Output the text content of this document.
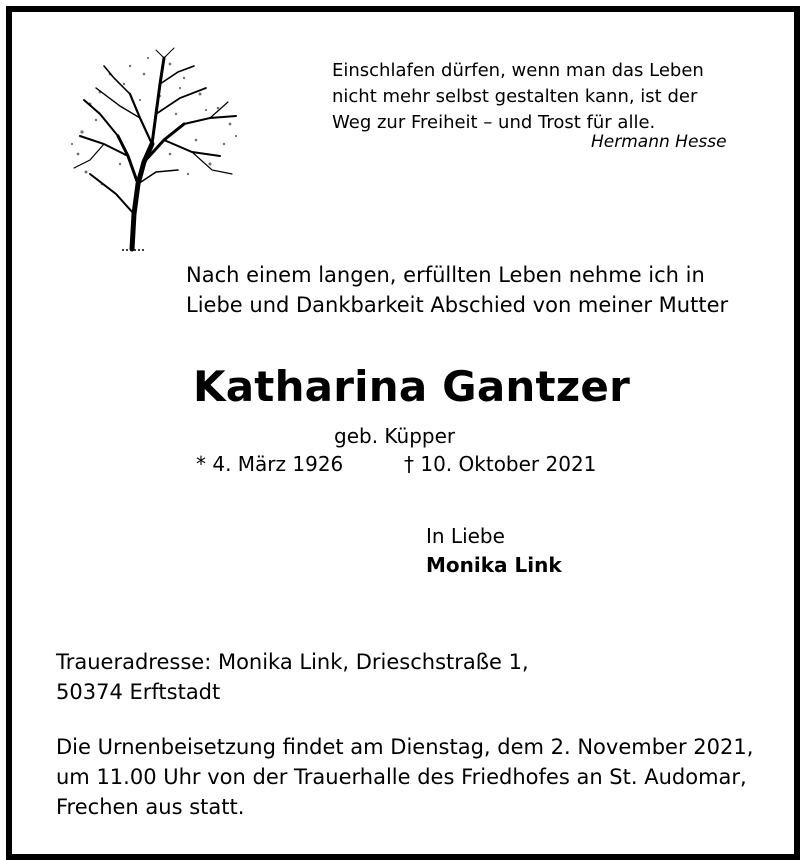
Einschlafen dürfen, wenn man das Leben
nicht mehr selbst gestalten kann, ist der
Weg zur Freiheit – und Trost für alle.
Hermann Hesse
Nach einem langen, erfüllten Leben nehme ich in
Liebe und Dankbarkeit Abschied von meiner Mutter
Katharina Gantzer
geb. Küpper
* 4. März 1926	† 10. Oktober 2021
In Liebe
Monika Link
Traueradresse: Monika Link, Drieschstraße 1,
50374 Erftstadt
Die Urnenbeisetzung findet am Dienstag, dem 2. November 2021,
um 11.00 Uhr von der Trauerhalle des Friedhofes an St. Audomar,
Frechen aus statt.
